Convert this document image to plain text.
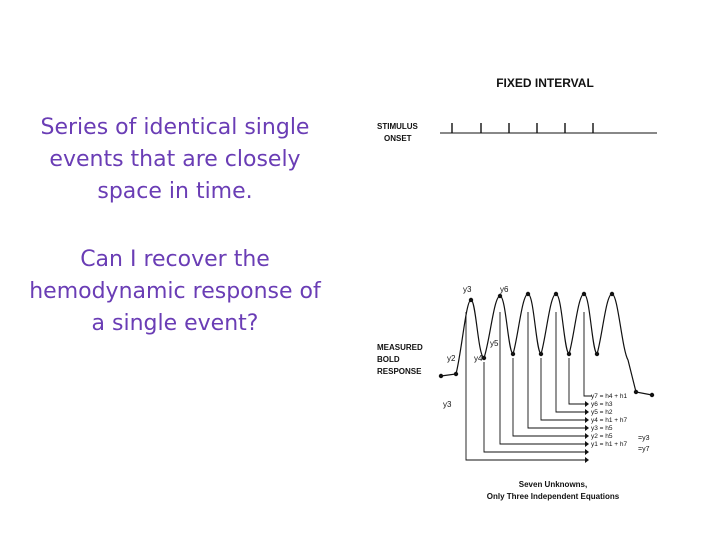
Series of identical single events that are closely space in time.
Can I recover the hemodynamic response of a single event?
FIXED INTERVAL
STIMULUS
ONSET
MEASURED
BOLD
RESPONSE
y3	y6
y2 y4
y5
y3
y7 = h4 + h1
y6 = h3
y5 = h2
y4 = h1 + h7
y3 = h5
y2 = h5
y1 = h1 + h7
=y3
=y7
Seven Unknowns,
Only Three Independent Equations
